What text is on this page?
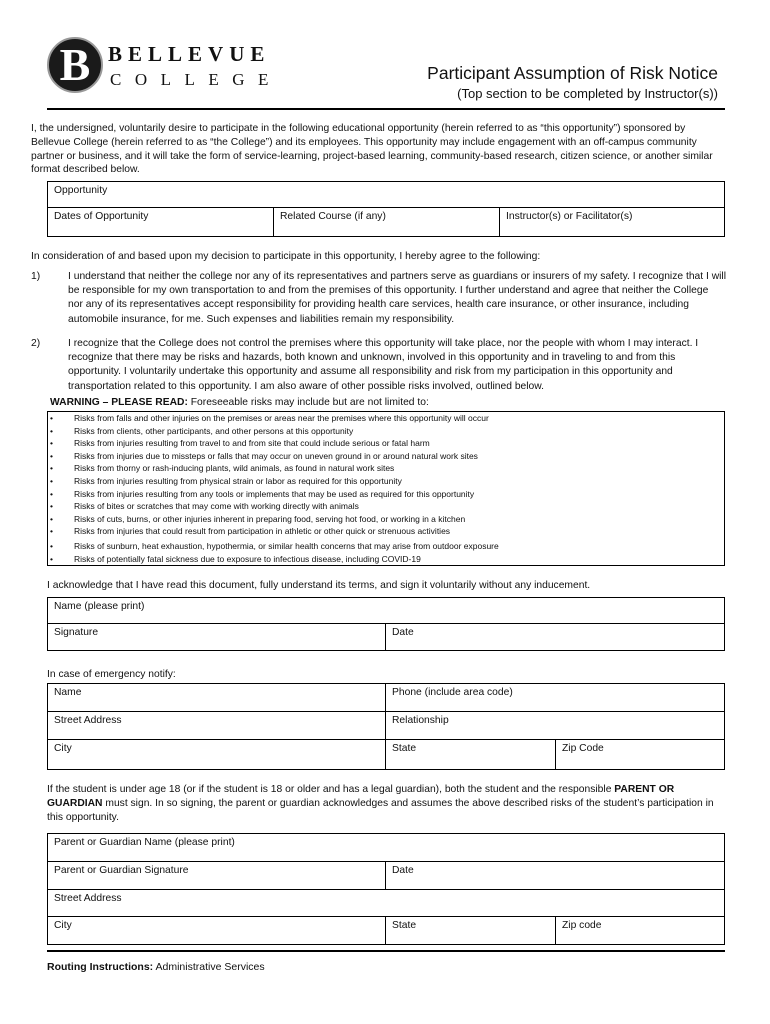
B BELLEVUE
COLLEGE	Participant Assumption of Risk Notice
(Top section to be completed by Instructor(s))
I, the undersigned, voluntarily desire to participate in the following educational opportunity (herein referred to as “this opportunity”) sponsored by Bellevue College (herein referred to as “the College”) and its employees. This opportunity may include engagement with an off-campus community partner or business, and it will take the form of service-learning, project-based learning, community-based research, citizen science, or another similar format described below.
Opportunity
Dates of Opportunity	Related Course (if any)	Instructor(s) or Facilitator(s)
In consideration of and based upon my decision to participate in this opportunity, I hereby agree to the following:
1)	I understand that neither the college nor any of its representatives and partners serve as guardians or insurers of my safety. I recognize that I will be responsible for my own transportation to and from the premises of this opportunity. I further understand and agree that neither the College nor any of its representatives accept responsibility for providing health care services, health care insurance, or other insurance, including automobile insurance, for me. Such expenses and liabilities remain my responsibility.
2)	I recognize that the College does not control the premises where this opportunity will take place, nor the people with whom I may interact. I recognize that there may be risks and hazards, both known and unknown, involved in this opportunity and in traveling to and from this opportunity. I voluntarily undertake this opportunity and assume all responsibility and risk from my participation in this opportunity and transportation related to this opportunity. I am also aware of other possible risks involved, outlined below.
WARNING – PLEASE READ: Foreseeable risks may include but are not limited to:
• Risks from falls and other injuries on the premises or areas near the premises where this opportunity will occur
• Risks from clients, other participants, and other persons at this opportunity
• Risks from injuries resulting from travel to and from site that could include serious or fatal harm
• Risks from injuries due to missteps or falls that may occur on uneven ground in or around natural work sites
• Risks from thorny or rash-inducing plants, wild animals, as found in natural work sites
• Risks from injuries resulting from physical strain or labor as required for this opportunity
• Risks from injuries resulting from any tools or implements that may be used as required for this opportunity
• Risks of bites or scratches that may come with working directly with animals
• Risks of cuts, burns, or other injuries inherent in preparing food, serving hot food, or working in a kitchen
• Risks from injuries that could result from participation in athletic or other quick or strenuous activities
• Risks of sunburn, heat exhaustion, hypothermia, or similar health concerns that may arise from outdoor exposure
• Risks of potentially fatal sickness due to exposure to infectious disease, including COVID-19
I acknowledge that I have read this document, fully understand its terms, and sign it voluntarily without any inducement.
Name (please print)
Signature	Date
In case of emergency notify:
Name	Phone (include area code)	
Street Address	Relationship	
City	State	Zip Code
If the student is under age 18 (or if the student is 18 or older and has a legal guardian), both the student and the responsible PARENT OR GUARDIAN must sign. In so signing, the parent or guardian acknowledges and assumes the above described risks of the student’s participation in this opportunity.
Parent or Guardian Name (please print)		
Parent or Guardian Signature	Date	
Street Address		
City	State	Zip code
Routing Instructions: Administrative Services
